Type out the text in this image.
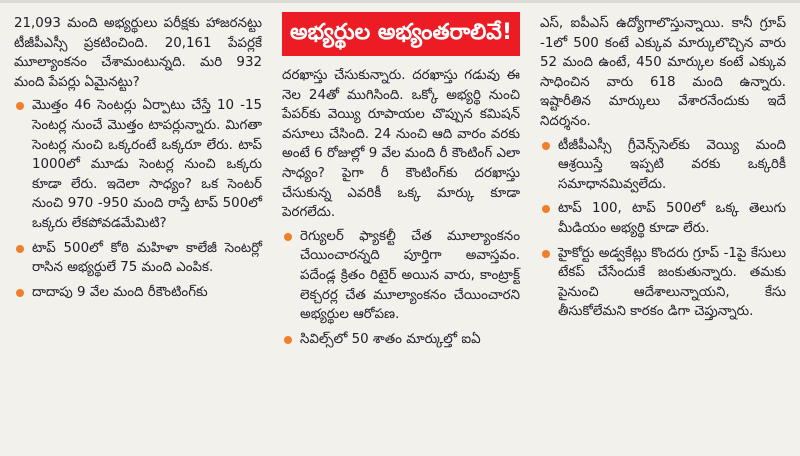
21,093 మంది అభ్యర్థులు పరీక్షకు హాజరనట్టు టీజీపీఎస్సీ ప్రకటించింది. 20,161 పేపర్లకే మూల్యాంకనం చేశామంటున్నది. మరి 932 మంది పేపర్లు ఏమైనట్టు?

మొత్తం 46 సెంటర్లు ఏర్పాటు చేస్తే 10 -15 సెంటర్ల నుంచే మొత్తం టాపర్లున్నారు. మిగతా సెంటర్ల నుంచి ఒక్కరంటే ఒక్కరూ లేరు. టాప్ 1000లో మూడు సెంటర్ల నుంచి ఒక్కరు కూడా లేరు. ఇదెలా సాధ్యం? ఒక సెంటర్ నుంచి 970 -950 మంది రాస్తే టాప్ 500లో ఒక్కరు లేకపోవడమేమిటి?
టాప్ 500లో కోఠి మహిళా కాలేజీ సెంటర్లో రాసిన అభ్యర్థులే 75 మంది ఎంపిక.
దాదాపు 9 వేల మంది రీకౌంటింగ్‌కు
అభ్యర్థుల అభ్యంతరాలివే!

దరఖాస్తు చేసుకున్నారు. దరఖాస్తు గడువు ఈ నెల 24తో ముగిసింది. ఒక్కో అభ్యర్థి నుంచి పేపర్‌కు వెయ్యి రూపాయల చొప్పున కమిషన్ వసూలు చేసింది. 24 నుంచి ఆది వారం వరకు అంటే 6 రోజుల్లో 9 వేల మంది రీ కౌంటింగ్ ఎలా సాధ్యం? పైగా రీ కౌంటింగ్‌కు దరఖాస్తు చేసుకున్న ఎవరికీ ఒక్క మార్కు కూడా పెరగలేదు.

రెగ్యులర్ ఫ్యాకల్టీ చేత మూల్యాంకనం చేయించారన్నది పూర్తిగా అవాస్తవం. పదేండ్ల క్రితం రిటైర్ అయిన వారు, కాంట్రాక్ట్ లెక్చరర్ల చేత మూల్యాంకనం చేయించారని అభ్యర్థుల ఆరోపణ.
సివిల్స్‌లో 50 శాతం మార్కుల్తో ఐఏ

ఎస్, ఐపీఎస్ ఉద్యోగాలొస్తున్నాయి. కానీ గ్రూప్ -1లో 500 కంటే ఎక్కువ మార్కులొచ్చిన వారు 52 మంది ఉంటే, 450 మార్కుల కంటే ఎక్కువ సాధించిన వారు 618 మంది ఉన్నారు. ఇష్టారీతిన మార్కులు వేశారనేందుకు ఇదే నిదర్శనం.

టీజీపీఎస్సీ గ్రీవెన్స్‌సెల్‌కు వెయ్యి మంది ఆశ్రయిస్తే ఇప్పటి వరకు ఒక్కరికీ సమాధానమివ్వలేదు.
టాప్ 100, టాప్ 500లో ఒక్క తెలుగు మీడియం అభ్యర్థి కూడా లేరు.
హైకోర్టు అడ్వకేట్లు కొందరు గ్రూప్ -1పై కేసులు టేకప్ చేసేందుకే జంకుతున్నారు. తమకు పైనుంచి ఆదేశాలున్నాయని, కేసు తీసుకోలేమని కారకం డిగా చెప్తున్నారు.
